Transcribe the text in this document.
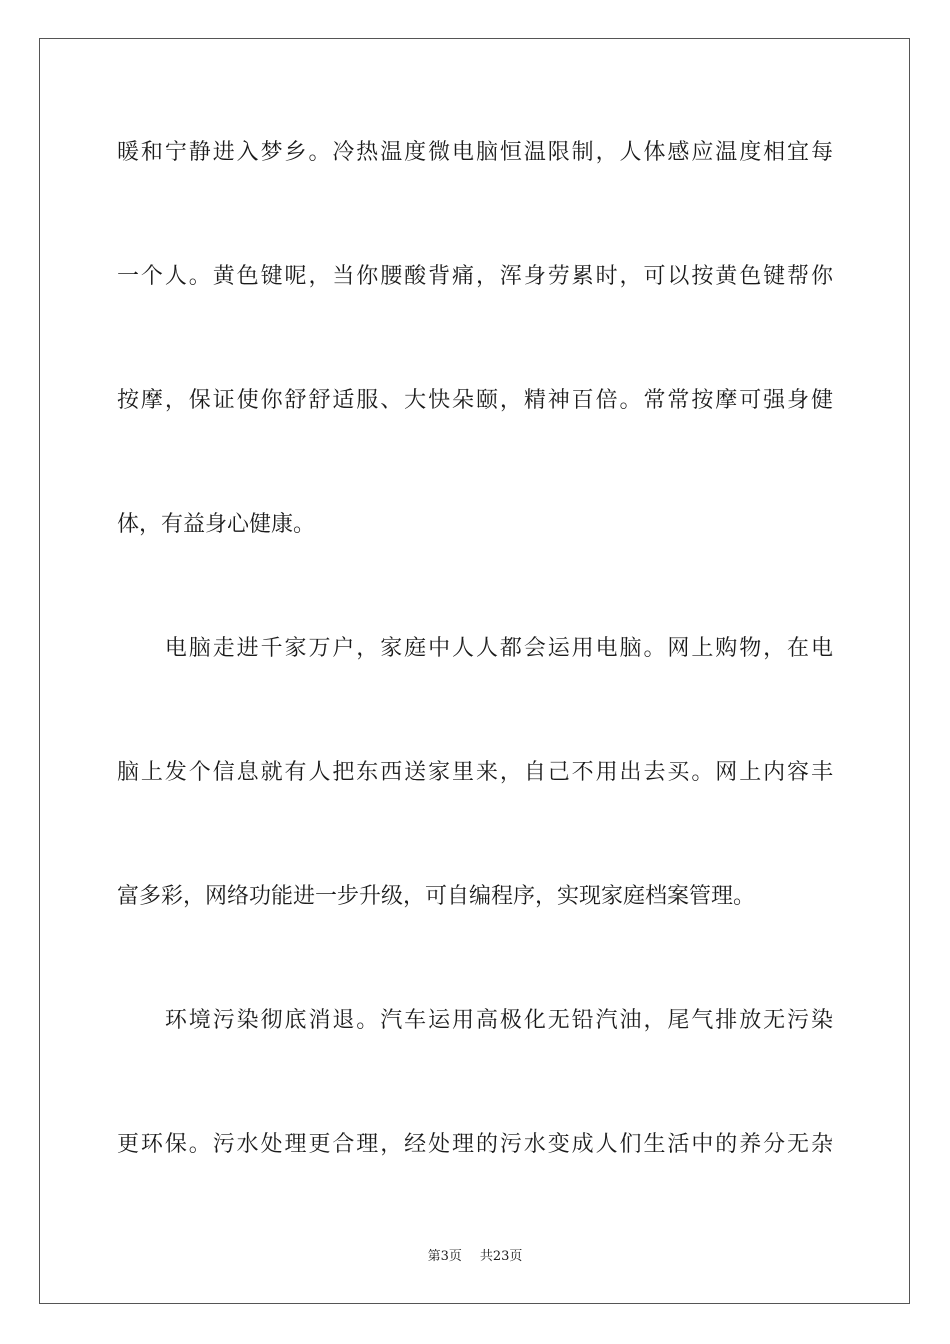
暖和宁静进入梦乡。冷热温度微电脑恒温限制，人体感应温度相宜每
一个人。黄色键呢，当你腰酸背痛，浑身劳累时，可以按黄色键帮你
按摩，保证使你舒舒适服、大快朵颐，精神百倍。常常按摩可强身健
体，有益身心健康。
　　电脑走进千家万户，家庭中人人都会运用电脑。网上购物，在电
脑上发个信息就有人把东西送家里来，自己不用出去买。网上内容丰
富多彩，网络功能进一步升级，可自编程序，实现家庭档案管理。
　　环境污染彻底消退。汽车运用高极化无铅汽油，尾气排放无污染
更环保。污水处理更合理，经处理的污水变成人们生活中的养分无杂
第3页 共23页
